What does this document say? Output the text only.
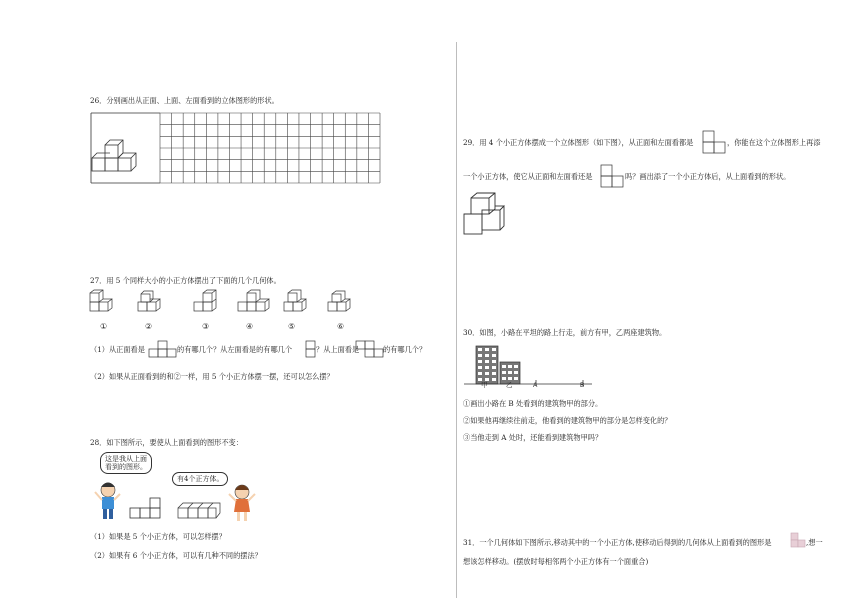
26．分别画出从正面、上面、左面看到的立体图形的形状。
27．用 5 个同样大小的小正方体摆出了下面的几个几何体。
①	②	③	④	⑤	⑥
（1）从正面看是	的有哪几个？从左面看是的有哪几个	？从上面看是	的有哪几个？
（2）如果从正面看到的和②一样，用 5 个小正方体摆一摆，还可以怎么摆？
28．如下图所示，要使从上面看到的图形不变：
这是我从上面
看到的图形。
有4个正方体。
（1）如果是 5 个小正方体，可以怎样摆？
（2）如果有 6 个小正方体，可以有几种不同的摆法？
29．用 4 个小正方体摆成一个立体图形（如下图），从正面和左面看都是	，你能在这个立体图形上再添
一个小正方体，使它从正面和左面看还是	吗？画出添了一个小正方体后，从上面看到的形状。
30．如图，小路在平坦的路上行走，前方有甲，乙两座建筑物。
甲	乙	A	B
①画出小路在 B 处看到的建筑物甲的部分。
②如果他再继续往前走，他看到的建筑物甲的部分是怎样变化的？
③当他走到 A 处时，还能看到建筑物甲吗？
31．一个几何体如下图所示,移动其中的一个小正方体,使移动后得到的几何体从上面看到的图形是	,想一
想该怎样移动。(摆放时每相邻两个小正方体有一个面重合)
